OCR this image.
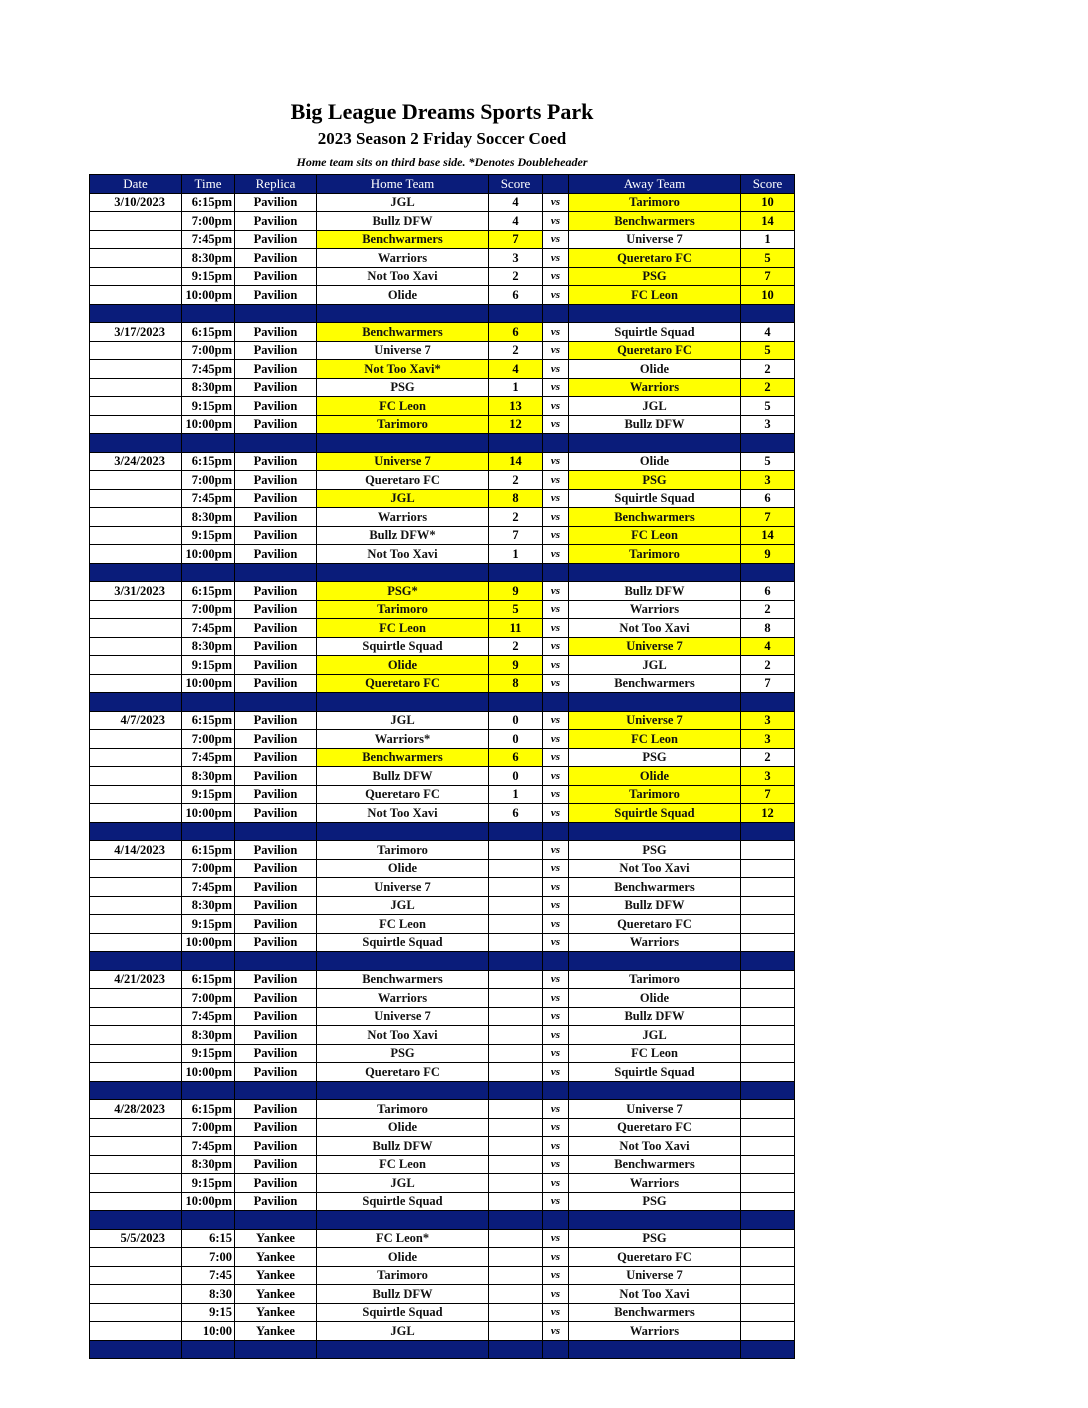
Big League Dreams Sports Park
2023 Season 2 Friday Soccer Coed
Home team sits on third base side. *Denotes Doubleheader
Date	Time	Replica	Home Team	Score		Away Team	Score
3/10/2023	6:15pm	Pavilion	JGL	4	vs	Tarimoro	10
	7:00pm	Pavilion	Bullz DFW	4	vs	Benchwarmers	14
	7:45pm	Pavilion	Benchwarmers	7	vs	Universe 7	1
	8:30pm	Pavilion	Warriors	3	vs	Queretaro FC	5
	9:15pm	Pavilion	Not Too Xavi	2	vs	PSG	7
	10:00pm	Pavilion	Olide	6	vs	FC Leon	10

3/17/2023	6:15pm	Pavilion	Benchwarmers	6	vs	Squirtle Squad	4
	7:00pm	Pavilion	Universe 7	2	vs	Queretaro FC	5
	7:45pm	Pavilion	Not Too Xavi*	4	vs	Olide	2
	8:30pm	Pavilion	PSG	1	vs	Warriors	2
	9:15pm	Pavilion	FC Leon	13	vs	JGL	5
	10:00pm	Pavilion	Tarimoro	12	vs	Bullz DFW	3

3/24/2023	6:15pm	Pavilion	Universe 7	14	vs	Olide	5
	7:00pm	Pavilion	Queretaro FC	2	vs	PSG	3
	7:45pm	Pavilion	JGL	8	vs	Squirtle Squad	6
	8:30pm	Pavilion	Warriors	2	vs	Benchwarmers	7
	9:15pm	Pavilion	Bullz DFW*	7	vs	FC Leon	14
	10:00pm	Pavilion	Not Too Xavi	1	vs	Tarimoro	9

3/31/2023	6:15pm	Pavilion	PSG*	9	vs	Bullz DFW	6
	7:00pm	Pavilion	Tarimoro	5	vs	Warriors	2
	7:45pm	Pavilion	FC Leon	11	vs	Not Too Xavi	8
	8:30pm	Pavilion	Squirtle Squad	2	vs	Universe 7	4
	9:15pm	Pavilion	Olide	9	vs	JGL	2
	10:00pm	Pavilion	Queretaro FC	8	vs	Benchwarmers	7

4/7/2023	6:15pm	Pavilion	JGL	0	vs	Universe 7	3
	7:00pm	Pavilion	Warriors*	0	vs	FC Leon	3
	7:45pm	Pavilion	Benchwarmers	6	vs	PSG	2
	8:30pm	Pavilion	Bullz DFW	0	vs	Olide	3
	9:15pm	Pavilion	Queretaro FC	1	vs	Tarimoro	7
	10:00pm	Pavilion	Not Too Xavi	6	vs	Squirtle Squad	12

4/14/2023	6:15pm	Pavilion	Tarimoro		vs	PSG	
	7:00pm	Pavilion	Olide		vs	Not Too Xavi	
	7:45pm	Pavilion	Universe 7		vs	Benchwarmers	
	8:30pm	Pavilion	JGL		vs	Bullz DFW	
	9:15pm	Pavilion	FC Leon		vs	Queretaro FC	
	10:00pm	Pavilion	Squirtle Squad		vs	Warriors	

4/21/2023	6:15pm	Pavilion	Benchwarmers		vs	Tarimoro	
	7:00pm	Pavilion	Warriors		vs	Olide	
	7:45pm	Pavilion	Universe 7		vs	Bullz DFW	
	8:30pm	Pavilion	Not Too Xavi		vs	JGL	
	9:15pm	Pavilion	PSG		vs	FC Leon	
	10:00pm	Pavilion	Queretaro FC		vs	Squirtle Squad	

4/28/2023	6:15pm	Pavilion	Tarimoro		vs	Universe 7	
	7:00pm	Pavilion	Olide		vs	Queretaro FC	
	7:45pm	Pavilion	Bullz DFW		vs	Not Too Xavi	
	8:30pm	Pavilion	FC Leon		vs	Benchwarmers	
	9:15pm	Pavilion	JGL		vs	Warriors	
	10:00pm	Pavilion	Squirtle Squad		vs	PSG	

5/5/2023	6:15	Yankee	FC Leon*		vs	PSG	
	7:00	Yankee	Olide		vs	Queretaro FC	
	7:45	Yankee	Tarimoro		vs	Universe 7	
	8:30	Yankee	Bullz DFW		vs	Not Too Xavi	
	9:15	Yankee	Squirtle Squad		vs	Benchwarmers	
	10:00	Yankee	JGL		vs	Warriors	
